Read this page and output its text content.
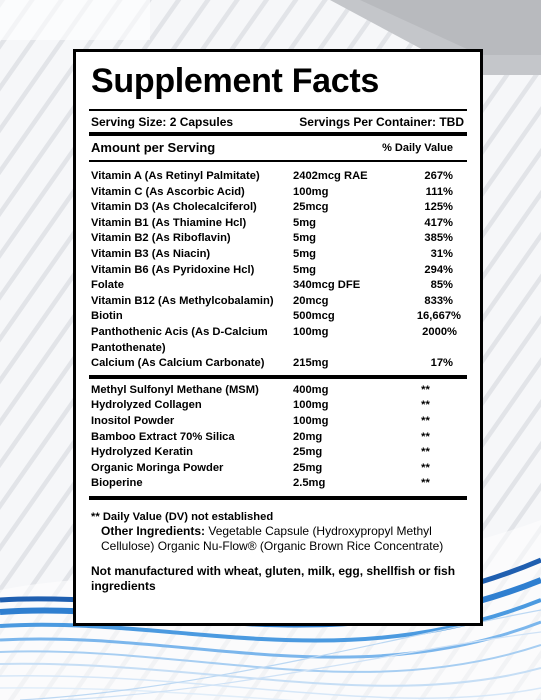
Supplement Facts
Serving Size: 2 Capsules	Servings Per Container: TBD
Amount per Serving	% Daily Value
Vitamin A (As Retinyl Palmitate)	2402mcg RAE	267%
Vitamin C (As Ascorbic Acid)	100mg	111%
Vitamin D3 (As Cholecalciferol)	25mcg	125%
Vitamin B1 (As Thiamine Hcl)	5mg	417%
Vitamin B2 (As Riboflavin)	5mg	385%
Vitamin B3 (As Niacin)	5mg	31%
Vitamin B6 (As Pyridoxine Hcl)	5mg	294%
Folate	340mcg DFE	85%
Vitamin B12 (As Methylcobalamin)	20mcg	833%
Biotin	500mcg	16,667%
Panthothenic Acis (As D-Calcium Pantothenate)
100mg	2000%
Calcium (As Calcium Carbonate)	215mg	17%
Methyl Sulfonyl Methane (MSM)	400mg	**
Hydrolyzed Collagen	100mg	**
Inositol Powder	100mg	**
Bamboo Extract 70% Silica	20mg	**
Hydrolyzed Keratin	25mg	**
Organic Moringa Powder	25mg	**
Bioperine	2.5mg	**
** Daily Value (DV) not established
Other Ingredients: Vegetable Capsule (Hydroxypropyl Methyl Cellulose) Organic Nu-Flow® (Organic Brown Rice Concentrate)
Not manufactured with wheat, gluten, milk, egg, shellfish or fish ingredients
